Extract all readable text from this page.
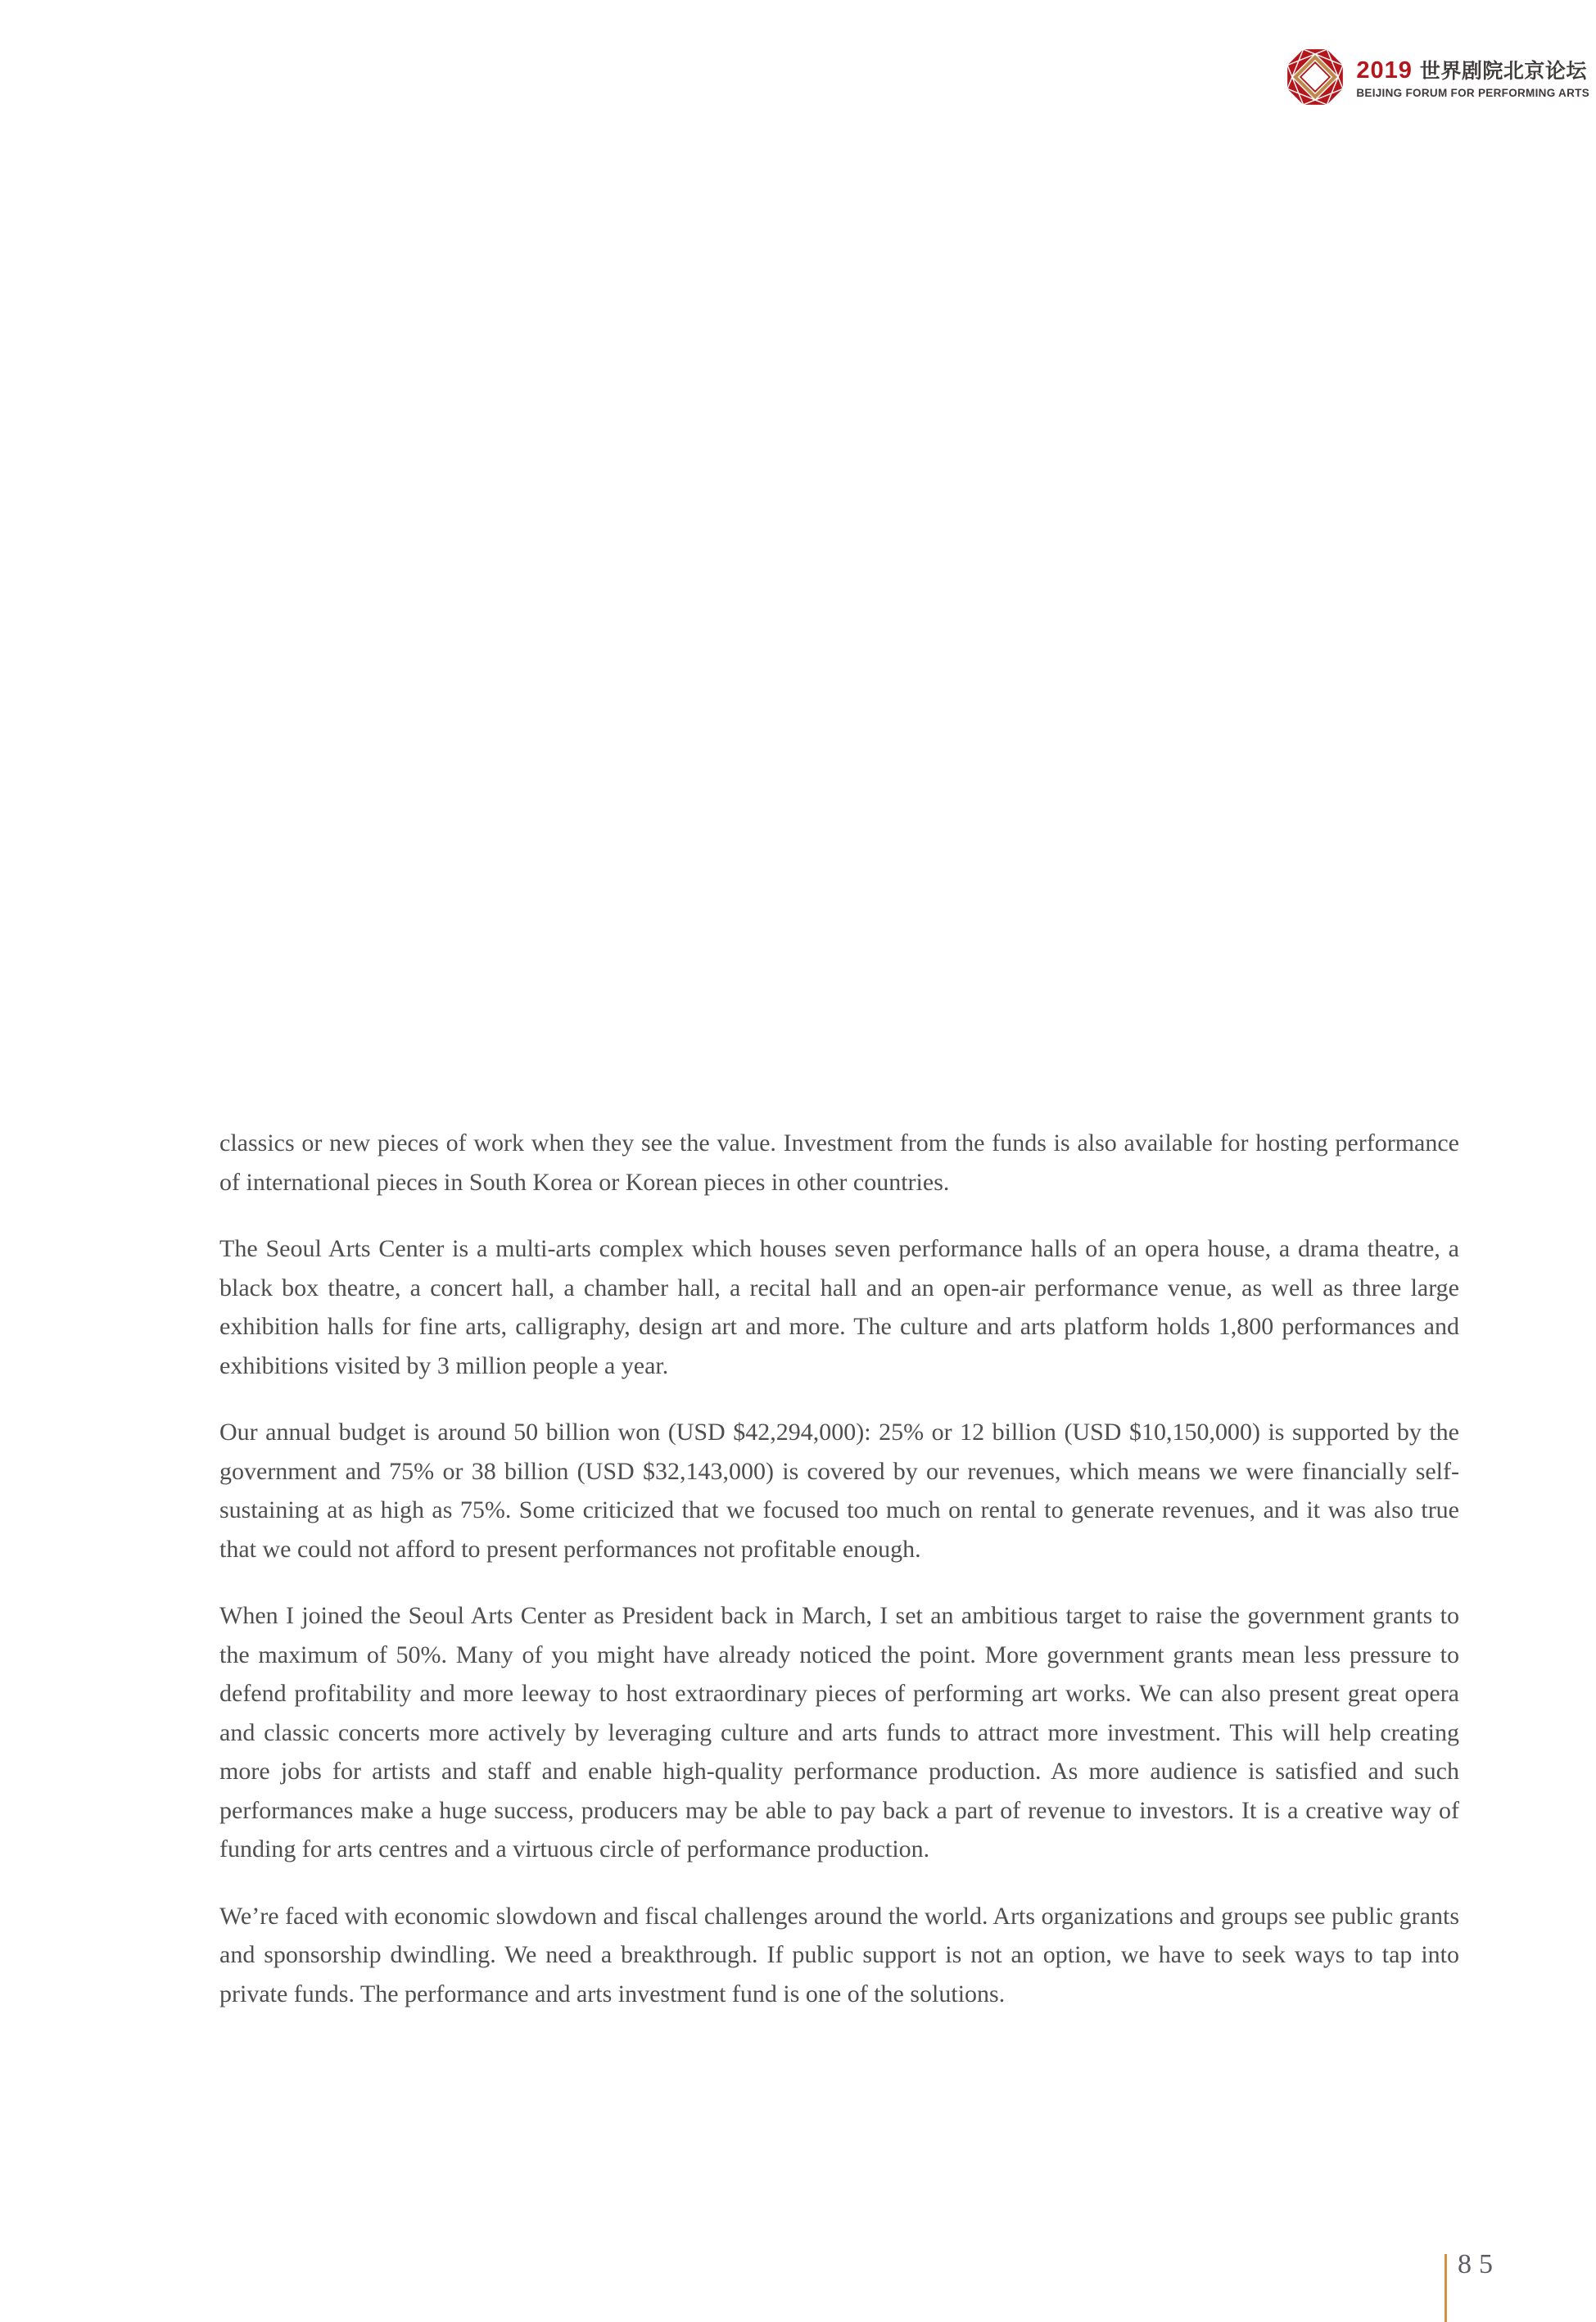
2019 世界剧院北京论坛
BEIJING FORUM FOR PERFORMING ARTS

classics or new pieces of work when they see the value. Investment from the funds is also available for hosting performance of international pieces in South Korea or Korean pieces in other countries.

The Seoul Arts Center is a multi-arts complex which houses seven performance halls of an opera house, a drama theatre, a black box theatre, a concert hall, a chamber hall, a recital hall and an open-air performance venue, as well as three large exhibition halls for fine arts, calligraphy, design art and more. The culture and arts platform holds 1,800 performances and exhibitions visited by 3 million people a year.

Our annual budget is around 50 billion won (USD $42,294,000): 25% or 12 billion (USD $10,150,000) is supported by the government and 75% or 38 billion (USD $32,143,000) is covered by our revenues, which means we were financially self-sustaining at as high as 75%. Some criticized that we focused too much on rental to generate revenues, and it was also true that we could not afford to present performances not profitable enough.

When I joined the Seoul Arts Center as President back in March, I set an ambitious target to raise the government grants to the maximum of 50%. Many of you might have already noticed the point. More government grants mean less pressure to defend profitability and more leeway to host extraordinary pieces of performing art works. We can also present great opera and classic concerts more actively by leveraging culture and arts funds to attract more investment. This will help creating more jobs for artists and staff and enable high-quality performance production. As more audience is satisfied and such performances make a huge success, producers may be able to pay back a part of revenue to investors. It is a creative way of funding for arts centres and a virtuous circle of performance production.

We’re faced with economic slowdown and fiscal challenges around the world. Arts organizations and groups see public grants and sponsorship dwindling. We need a breakthrough. If public support is not an option, we have to seek ways to tap into private funds. The performance and arts investment fund is one of the solutions.

85
